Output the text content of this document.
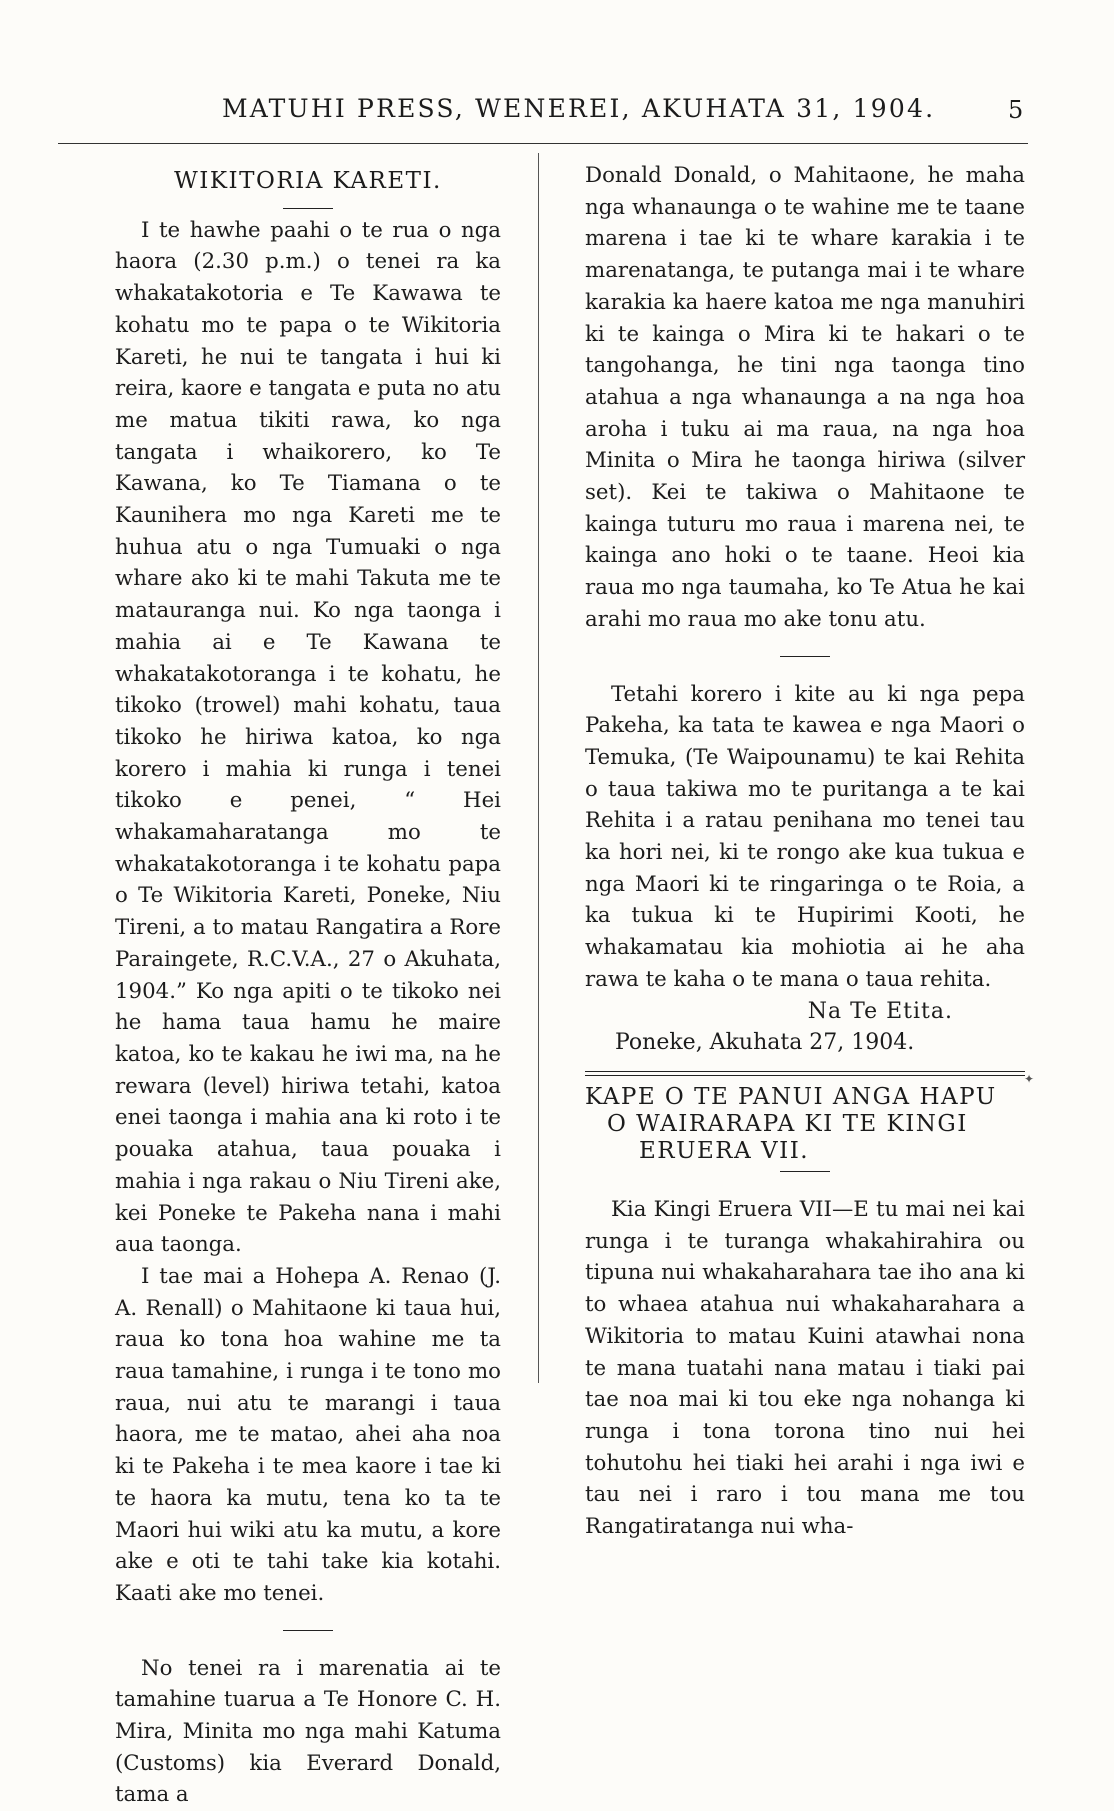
MATUHI PRESS, WENEREI, AKUHATA 31, 1904.	5
WIKITORIA KARETI.

I te hawhe paahi o te rua o nga haora (2.30 p.m.) o tenei ra ka whakatakotoria e Te Kawawa te kohatu mo te papa o te Wikitoria Kareti, he nui te tangata i hui ki reira, kaore e tangata e puta no atu me matua tikiti rawa, ko nga tangata i whaikorero, ko Te Kawana, ko Te Tiamana o te Kaunihera mo nga Kareti me te huhua atu o nga Tumuaki o nga whare ako ki te mahi Takuta me te matauranga nui. Ko nga taonga i mahia ai e Te Kawana te whakatakotoranga i te kohatu, he tikoko (trowel) mahi kohatu, taua tikoko he hiriwa katoa, ko nga korero i mahia ki runga i tenei tikoko e penei, “ Hei whakamaharatanga mo te whakatakotoranga i te kohatu papa o Te Wikitoria Kareti, Poneke, Niu Tireni, a to matau Rangatira a Rore Paraingete, R.C.V.A., 27 o Akuhata, 1904.” Ko nga apiti o te tikoko nei he hama taua hamu he maire katoa, ko te kakau he iwi ma, na he rewara (level) hiriwa tetahi, katoa enei taonga i mahia ana ki roto i te pouaka atahua, taua pouaka i mahia i nga rakau o Niu Tireni ake, kei Poneke te Pakeha nana i mahi aua taonga.

I tae mai a Hohepa A. Renao (J. A. Renall) o Mahitaone ki taua hui, raua ko tona hoa wahine me ta raua tamahine, i runga i te tono mo raua, nui atu te marangi i taua haora, me te matao, ahei aha noa ki te Pakeha i te mea kaore i tae ki te haora ka mutu, tena ko ta te Maori hui wiki atu ka mutu, a kore ake e oti te tahi take kia kotahi. Kaati ake mo tenei.

No tenei ra i marenatia ai te tamahine tuarua a Te Honore C. H. Mira, Minita mo nga mahi Katuma (Customs) kia Everard Donald, tama a

Donald Donald, o Mahitaone, he maha nga whanaunga o te wahine me te taane marena i tae ki te whare karakia i te marenatanga, te putanga mai i te whare karakia ka haere katoa me nga manuhiri ki te kainga o Mira ki te hakari o te tangohanga, he tini nga taonga tino atahua a nga whanaunga a na nga hoa aroha i tuku ai ma raua, na nga hoa Minita o Mira he taonga hiriwa (silver set). Kei te takiwa o Mahitaone te kainga tuturu mo raua i marena nei, te kainga ano hoki o te taane. Heoi kia raua mo nga taumaha, ko Te Atua he kai arahi mo raua mo ake tonu atu.

Tetahi korero i kite au ki nga pepa Pakeha, ka tata te kawea e nga Maori o Temuka, (Te Waipounamu) te kai Rehita o taua takiwa mo te puritanga a te kai Rehita i a ratau penihana mo tenei tau ka hori nei, ki te rongo ake kua tukua e nga Maori ki te ringaringa o te Roia, a ka tukua ki te Hupirimi Kooti, he whakamatau kia mohiotia ai he aha rawa te kaha o te mana o taua rehita.

Na Te Etita.

Poneke, Akuhata 27, 1904.

KAPE O TE PANUI ANGA HAPU
O WAIRARAPA KI TE KINGI
ERUERA VII.

Kia Kingi Eruera VII—E tu mai nei kai runga i te turanga whakahirahira ou tipuna nui whakaharahara tae iho ana ki to whaea atahua nui whakaharahara a Wikitoria to matau Kuini atawhai nona te mana tuatahi nana matau i tiaki pai tae noa mai ki tou eke nga nohanga ki runga i tona torona tino nui hei tohutohu hei tiaki hei arahi i nga iwi e tau nei i raro i tou mana me tou Rangatiratanga nui wha-

✦
